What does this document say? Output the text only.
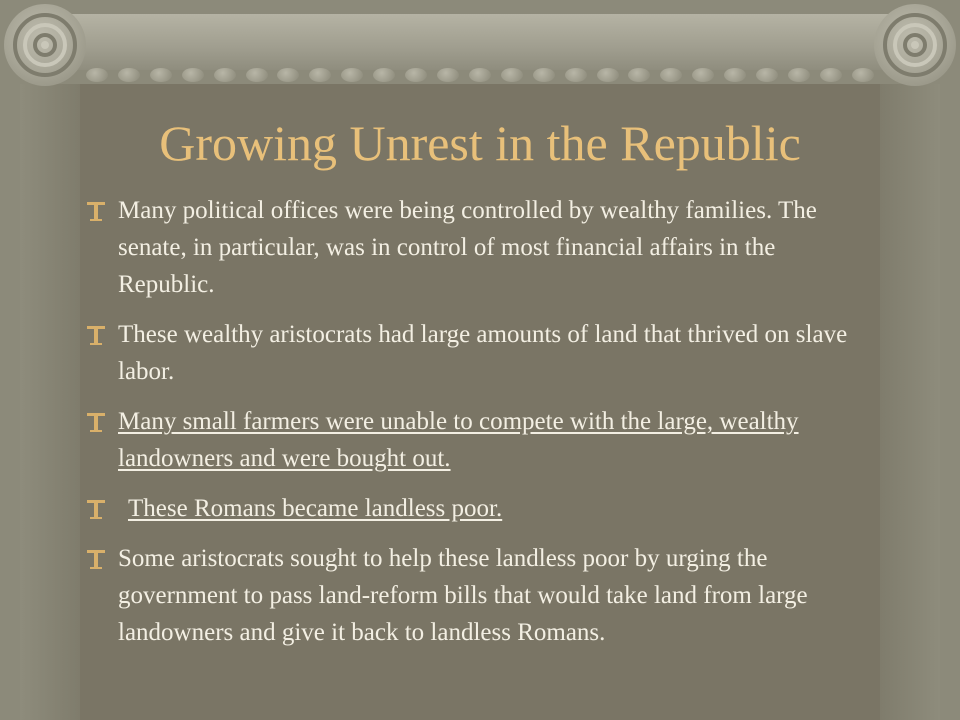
Growing Unrest in the Republic
Many political offices were being controlled by wealthy families. The senate, in particular, was in control of most financial affairs in the Republic.
These wealthy aristocrats had large amounts of land that thrived on slave labor.
Many small farmers were unable to compete with the large, wealthy landowners and were bought out.
These Romans became landless poor.
Some aristocrats sought to help these landless poor by urging the government to pass land-reform bills that would take land from large landowners and give it back to landless Romans.
